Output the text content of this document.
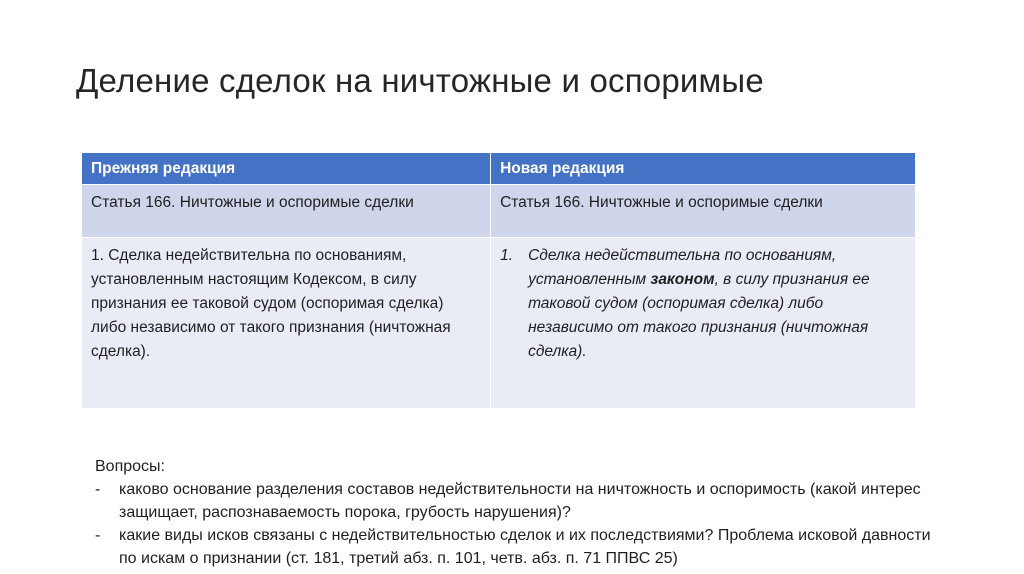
Деление сделок на ничтожные и оспоримые
Прежняя редакция	Новая редакция
Статья 166. Ничтожные и оспоримые сделки	Статья 166. Ничтожные и оспоримые сделки
1. Сделка недействительна по основаниям, установленным настоящим Кодексом, в силу признания ее таковой судом (оспоримая сделка) либо независимо от такого признания (ничтожная сделка).	1. Сделка недействительна по основаниям, установленным законом, в силу признания ее таковой судом (оспоримая сделка) либо независимо от такого признания (ничтожная сделка).
Вопросы:
-	каково основание разделения составов недействительности на ничтожность и оспоримость (какой интерес защищает, распознаваемость порока, грубость нарушения)?
-	какие виды исков связаны с недействительностью сделок и их последствиями? Проблема исковой давности по искам о признании (ст. 181, третий абз. п. 101, четв. абз. п. 71 ППВС 25)
